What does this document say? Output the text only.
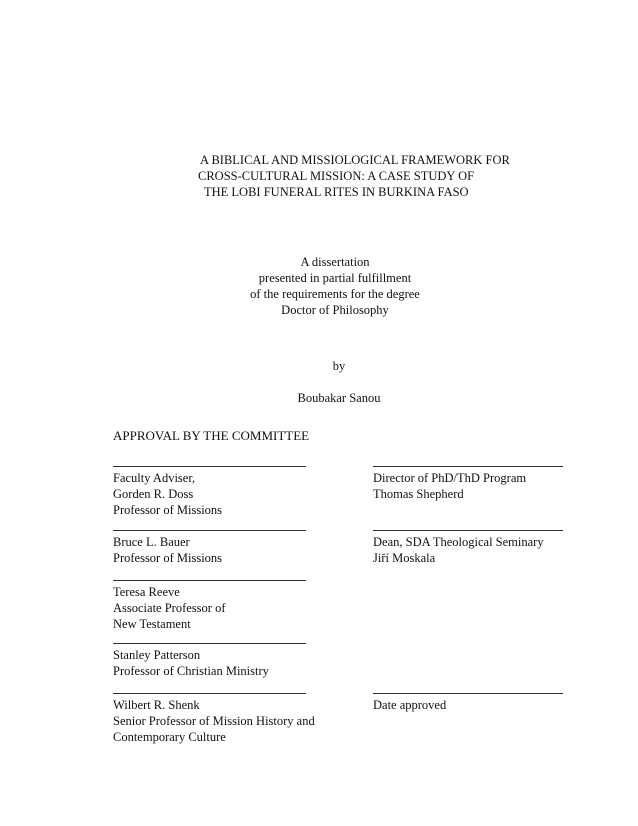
A BIBLICAL AND MISSIOLOGICAL FRAMEWORK FOR
CROSS-CULTURAL MISSION: A CASE STUDY OF
THE LOBI FUNERAL RITES IN BURKINA FASO
A dissertation
presented in partial fulfillment
of the requirements for the degree
Doctor of Philosophy
by
Boubakar Sanou
APPROVAL BY THE COMMITTEE
Faculty Adviser,
Gorden R. Doss
Professor of Missions
Bruce L. Bauer
Professor of Missions
Teresa Reeve
Associate Professor of
New Testament
Stanley Patterson
Professor of Christian Ministry
Wilbert R. Shenk
Senior Professor of Mission History and
Contemporary Culture
Director of PhD/ThD Program
Thomas Shepherd
Dean, SDA Theological Seminary
Jiří Moskala
Date approved
